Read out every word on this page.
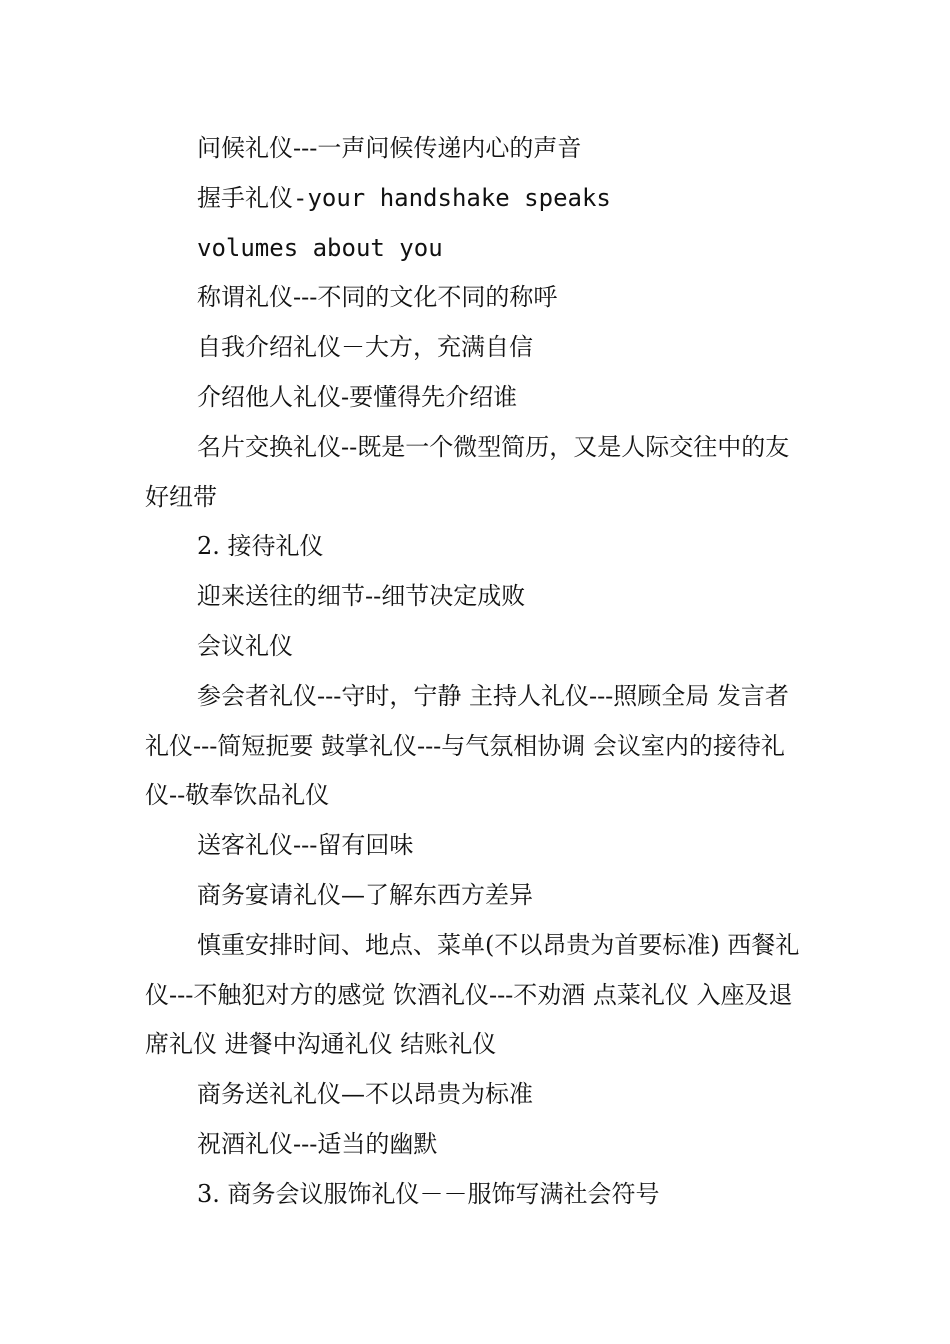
问候礼仪---一声问候传递内心的声音

握手礼仪-your handshake speaks

volumes about you

称谓礼仪---不同的文化不同的称呼

自我介绍礼仪－大方，充满自信

介绍他人礼仪-要懂得先介绍谁

名片交换礼仪--既是一个微型简历，又是人际交往中的友好纽带

2. 接待礼仪

迎来送往的细节--细节决定成败

会议礼仪

参会者礼仪---守时，宁静 主持人礼仪---照顾全局 发言者礼仪---简短扼要 鼓掌礼仪---与气氛相协调 会议室内的接待礼仪--敬奉饮品礼仪

送客礼仪---留有回味

商务宴请礼仪—了解东西方差异

慎重安排时间、地点、菜单(不以昂贵为首要标准) 西餐礼仪---不触犯对方的感觉 饮酒礼仪---不劝酒 点菜礼仪 入座及退席礼仪 进餐中沟通礼仪 结账礼仪

商务送礼礼仪—不以昂贵为标准

祝酒礼仪---适当的幽默

3. 商务会议服饰礼仪－－服饰写满社会符号
